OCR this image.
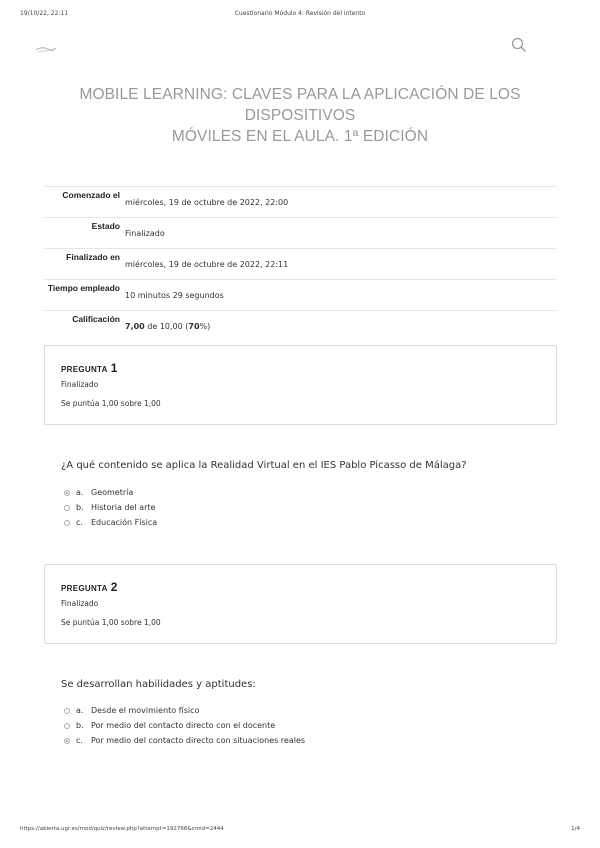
19/10/22, 22:11	Cuestionario Módulo 4: Revisión del intento
MOBILE LEARNING: CLAVES PARA LA APLICACIÓN DE LOS DISPOSITIVOS
MÓVILES EN EL AULA. 1ª EDICIÓN
Comenzado el	miércoles, 19 de octubre de 2022, 22:00
Estado	Finalizado
Finalizado en	miércoles, 19 de octubre de 2022, 22:11
Tiempo empleado	10 minutos 29 segundos
Calificación	7,00 de 10,00 (70%)
PREGUNTA 1
Finalizado
Se puntúa 1,00 sobre 1,00
¿A qué contenido se aplica la Realidad Virtual en el IES Pablo Picasso de Málaga?
a. Geometría
b. Historia del arte
c.	Educación Física
PREGUNTA 2
Finalizado
Se puntúa 1,00 sobre 1,00
Se desarrollan habilidades y aptitudes:
a. Desde el movimiento físico
b. Por medio del contacto directo con el docente
c.	Por medio del contacto directo con situaciones reales
https://abierta.ugr.es/mod/quiz/review.php?attempt=192766&cmid=2444	1/4
